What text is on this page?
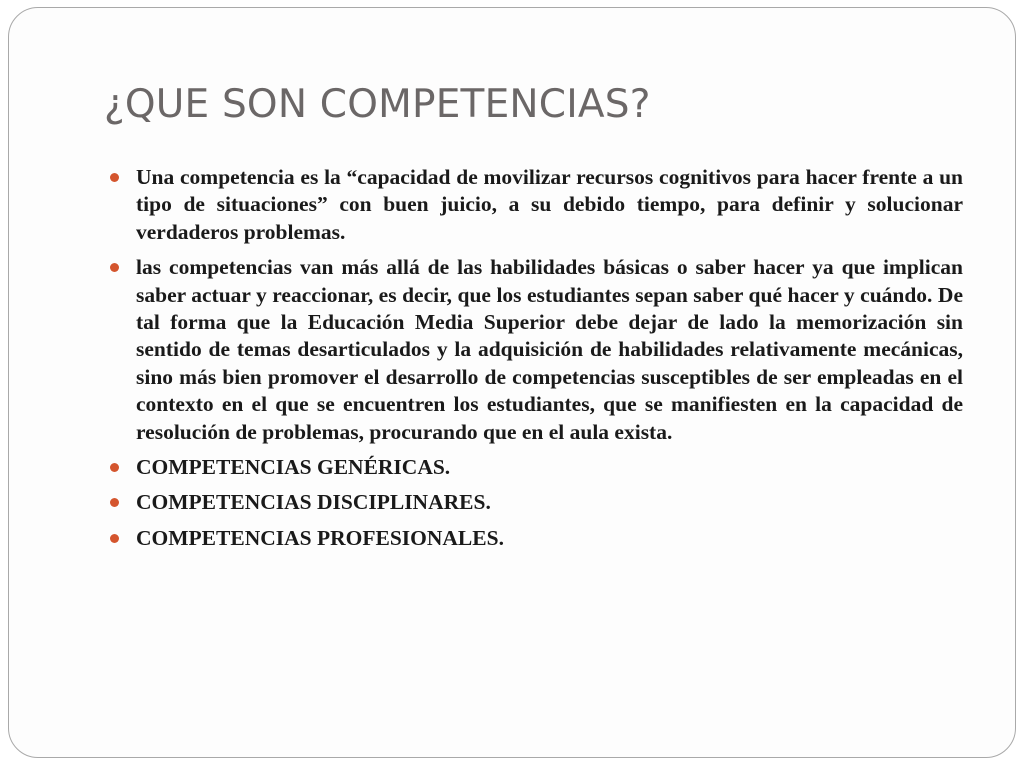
¿QUE SON COMPETENCIAS?
Una competencia es la “capacidad de movilizar recursos cognitivos para hacer frente a un tipo de situaciones” con buen juicio, a su debido tiempo, para definir y solucionar verdaderos problemas.
las competencias van más allá de las habilidades básicas o saber hacer ya que implican saber actuar y reaccionar, es decir, que los estudiantes sepan saber qué hacer y cuándo. De tal forma que la Educación Media Superior debe dejar de lado la memorización sin sentido de temas desarticulados y la adquisición de habilidades relativamente mecánicas, sino más bien promover el desarrollo de competencias susceptibles de ser empleadas en el contexto en el que se encuentren los estudiantes, que se manifiesten en la capacidad de resolución de problemas, procurando que en el aula exista.
COMPETENCIAS GENÉRICAS.
COMPETENCIAS DISCIPLINARES.
COMPETENCIAS PROFESIONALES.
